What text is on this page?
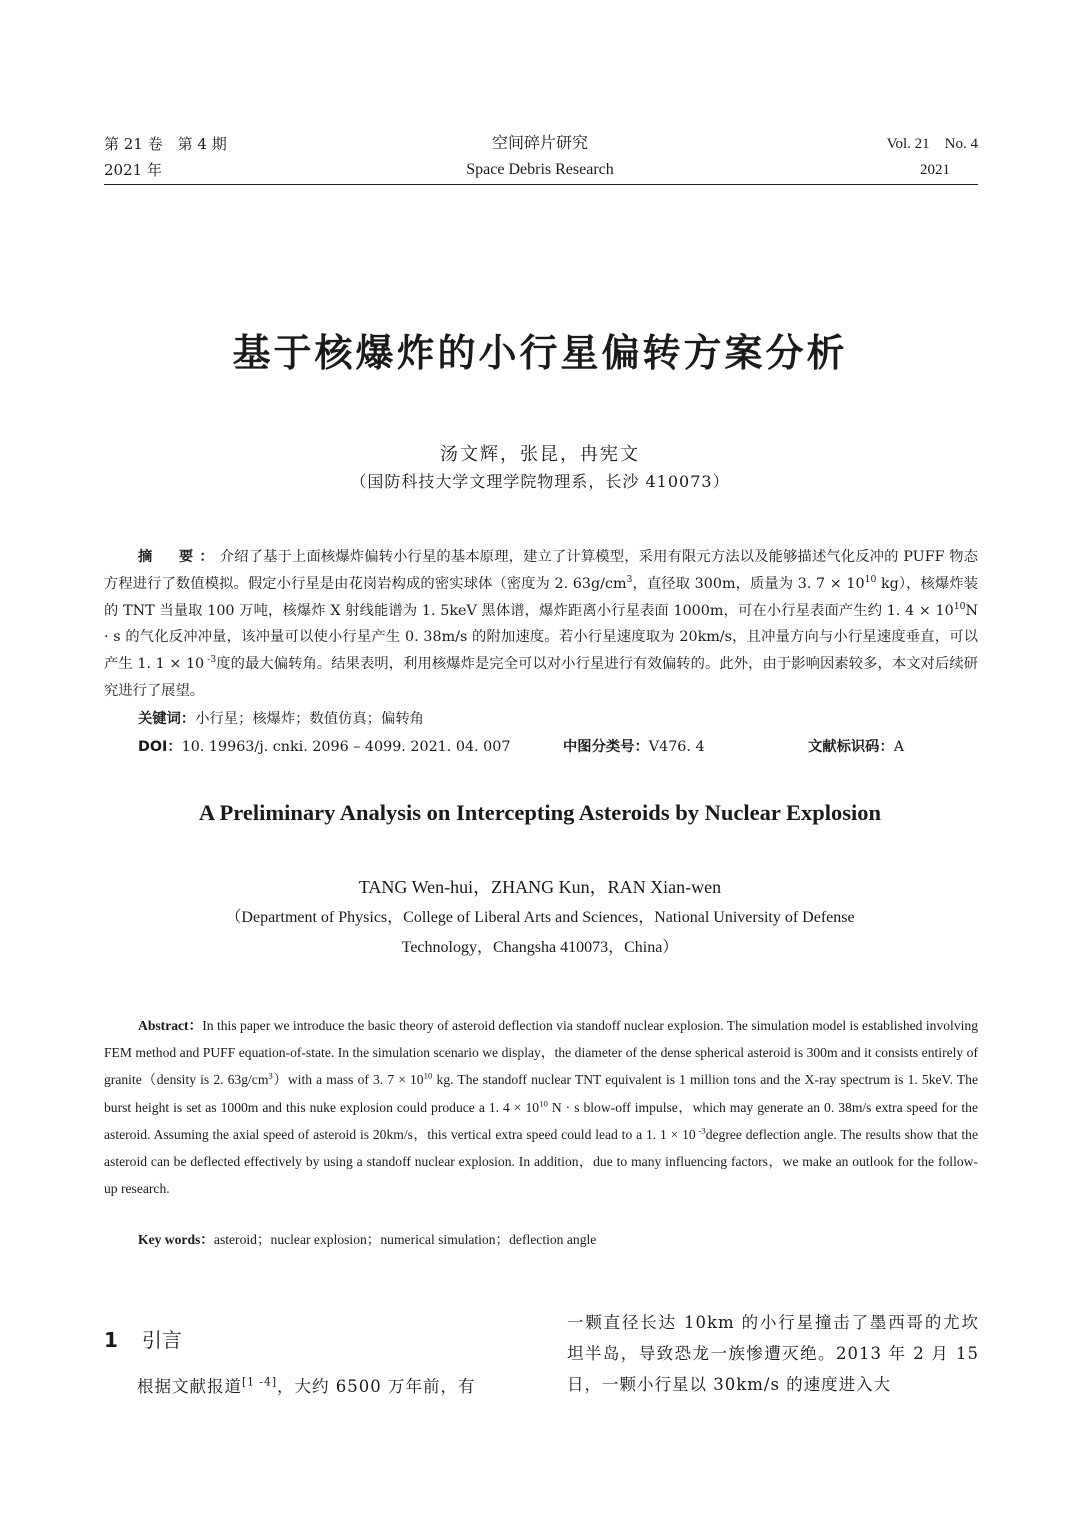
第 21 卷　第 4 期
2021 年
空间碎片研究
Space Debris Research
Vol. 21　No. 4
2021
基于核爆炸的小行星偏转方案分析
汤文辉，张昆，冉宪文
（国防科技大学文理学院物理系，长沙 410073）
摘　要：介绍了基于上面核爆炸偏转小行星的基本原理，建立了计算模型，采用有限元方法以及能够描述气化反冲的 PUFF 物态方程进行了数值模拟。假定小行星是由花岗岩构成的密实球体（密度为 2. $63g/cm^3$，直径取 300m，质量为 3. $7 \times 10^{10}$ kg），核爆炸装的 TNT 当量取 100 万吨，核爆炸 X 射线能谱为 1. 5keV 黑体谱，爆炸距离小行星表面 1000m，可在小行星表面产生约 1. $4 \times 10^{10}N \cdot s$ 的气化反冲冲量，该冲量可以使小行星产生 0. 38m/s 的附加速度。若小行星速度取为 20km/s，且冲量方向与小行星速度垂直，可以产生 1. 1 × 10 $^{-3}$度的最大偏转角。结果表明，利用核爆炸是完全可以对小行星进行有效偏转的。此外，由于影响因素较多，本文对后续研究进行了展望。
关键词：小行星；核爆炸；数值仿真；偏转角
DOI：10. 19963/j. cnki. 2096 – 4099. 2021. 04. 007	中图分类号：V476. 4	文献标识码：A
A Preliminary Analysis on Intercepting Asteroids by Nuclear Explosion
TANG Wen-hui，ZHANG Kun，RAN Xian-wen
（Department of Physics，College of Liberal Arts and Sciences，National University of Defense
Technology，Changsha 410073，China）
Abstract：In this paper we introduce the basic theory of asteroid deflection via standoff nuclear explosion. The simulation model is established involving FEM method and PUFF equation-of-state. In the simulation scenario we display，the diameter of the dense spherical asteroid is 300m and it consists entirely of granite（density is 2. $63g/cm^3)with$ a mass of 3. $7 \times 10^{10}$ kg. The standoff nuclear TNT equivalent is 1 million tons and the X-ray spectrum is 1. 5keV. The burst height is set as 1000m and this nuke explosion could produce a 1. $4 \times 10^{10}$ N · s blow-off impulse，which may generate an 0. 38m/s extra speed for the asteroid. Assuming the axial speed of asteroid is 20km/s，this vertical extra speed could lead to a 1. 1 × 10 $^{-3}$degree deflection angle. The results show that the asteroid can be deflected effectively by using a standoff nuclear explosion. In addition，due to many influencing factors，we make an outlook for the follow-up research.
Key words：asteroid；nuclear explosion；numerical simulation；deflection angle
1 引言
根据文献报道[1 -4]，大约 6500 万年前，有
一颗直径长达 10km 的小行星撞击了墨西哥的尤坎坦半岛，导致恐龙一族惨遭灭绝。2013 年 2 月 15 日，一颗小行星以 30km/s 的速度进入大
